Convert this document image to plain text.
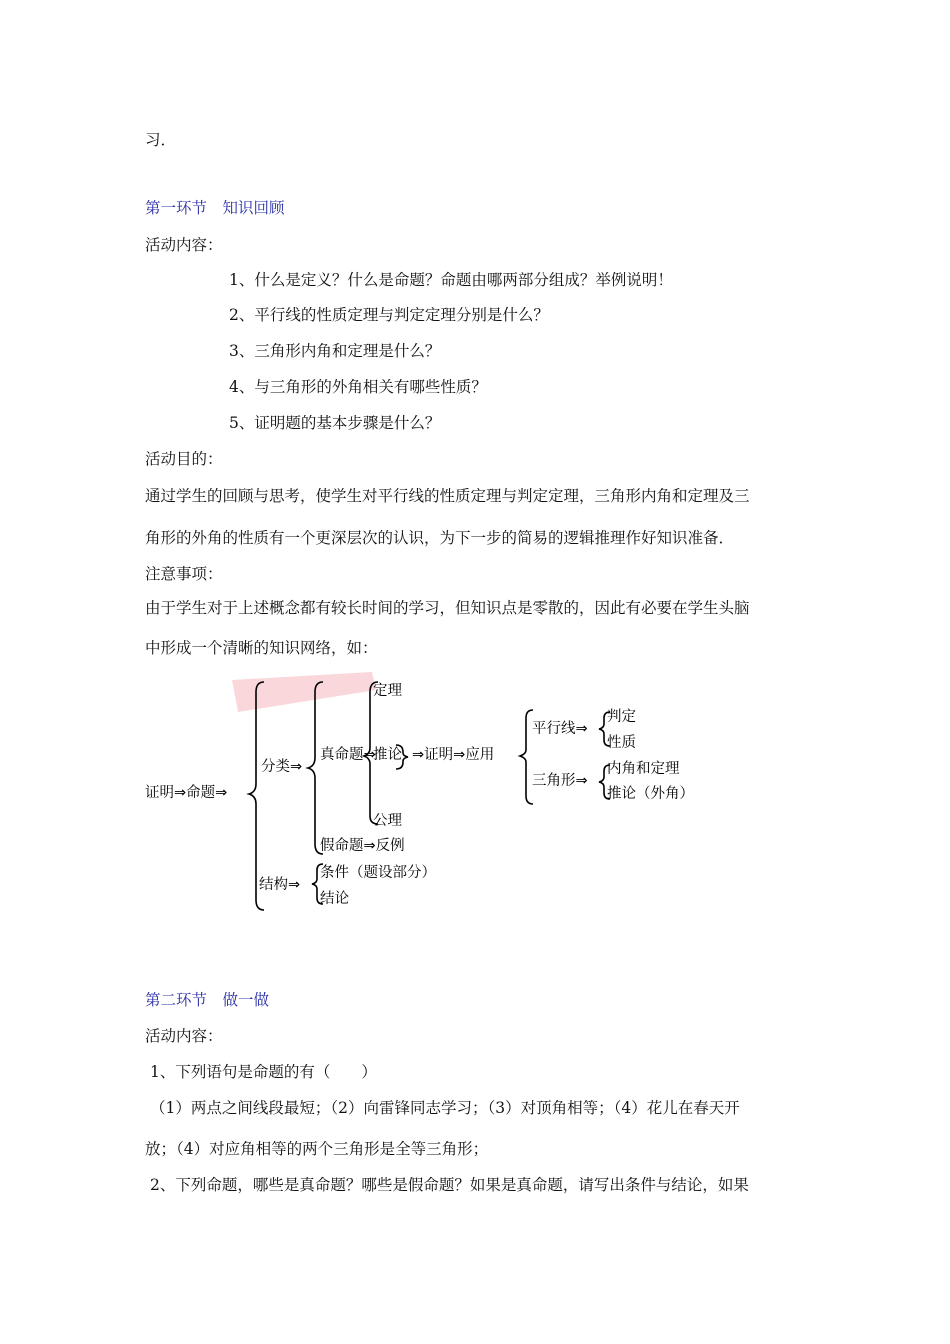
习．
第一环节　知识回顾
活动内容：
1、什么是定义？什么是命题？命题由哪两部分组成？举例说明！
2、平行线的性质定理与判定定理分别是什么？
3、三角形内角和定理是什么？
4、与三角形的外角相关有哪些性质？
5、证明题的基本步骤是什么？
活动目的：
通过学生的回顾与思考，使学生对平行线的性质定理与判定定理，三角形内角和定理及三
角形的外角的性质有一个更深层次的认识，为下一步的简易的逻辑推理作好知识准备．
注意事项：
由于学生对于上述概念都有较长时间的学习，但知识点是零散的，因此有必要在学生头脑
中形成一个清晰的知识网络，如：
证明⇒命题⇒
分类⇒
真命题⇒
定理
推论 ⇒证明⇒应用
公理
假命题⇒反例
平行线⇒
判定
性质
三角形⇒
内角和定理
推论（外角）
结构⇒
条件（题设部分）
结论
第二环节　做一做
活动内容：
1、下列语句是命题的有（　　）
（1）两点之间线段最短；（2）向雷锋同志学习；（3）对顶角相等；（4）花儿在春天开
放；（4）对应角相等的两个三角形是全等三角形；
2、下列命题，哪些是真命题？哪些是假命题？如果是真命题，请写出条件与结论，如果
